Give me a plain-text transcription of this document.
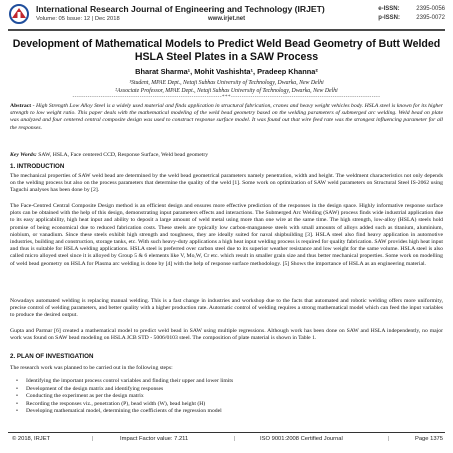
International Research Journal of Engineering and Technology (IRJET)
Volume: 05 Issue: 12 | Dec 2018	www.irjet.net
e-ISSN:	2395-0056
p-ISSN:	2395-0072
Development of Mathematical Models to Predict Weld Bead Geometry of Butt Welded HSLA Steel Plates in a SAW Process
Bharat Sharma¹, Mohit Vashishta¹, Pradeep Khanna²
¹Student, MPAE Dept., Netaji Subhas University of Technology, Dwarka, New Delhi
²Associate Professor, MPAE Dept., Netaji Subhas University of Technology, Dwarka, New Delhi
---------------------------------------------------------------------***---------------------------------------------------------------------
Abstract - High Strength Low Alloy Steel is a widely used material and finds application in structural fabrication, cranes and heavy weight vehicles body. HSLA steel is known for its higher strength to low weight ratio. This paper deals with the mathematical modeling of the weld bead geometry based on the welding parameters of submerged arc welding. Weld bead on plate was analyzed and four centered central composite design was used to construct response surface model. It was found out that wire feed rate was the strongest influencing parameter for all the responses.
Key Words: SAW, HSLA, Face centered CCD, Response Surface, Weld bead geometry
1. INTRODUCTION
The mechanical properties of SAW weld bead are determined by the weld bead geometrical parameters namely penetration, width and height. The weldment characteristics not only depends on the welding process but also on the process parameters that determine the quality of the weld [1]. Some work on optimization of SAW weld parameters on Structural Steel IS-2062 using Taguchi analyses has been done by [2].
The Face-Centred Central Composite Design method is an efficient design and ensures more effective prediction of the responses in the design space. Highly informative response surface plots can be obtained with the help of this design, demonstrating input parameters effects and interactions. The Submerged Arc Welding (SAW) process finds wide industrial application due to its easy applicability, high heat input and ability to deposit a large amount of weld metal using more than one wire at the same time. The high strength, low-alloy (HSLA) steels hold promise of being economical due to reduced fabrication costs. These steels are typically low carbon-manganese steels with small amounts of alloys added such as titanium, aluminium, niobium, or vanadium. Since these steels exhibit high strength and toughness, they are ideally suited for naval shipbuilding [3]. HSLA steel also find heavy application in automotive industries, building and construction, storage tanks, etc. With such heavy-duty applications a high heat input welding process is required for quality fabrication. SAW provides high heat input and thus is suitable for HSLA welding applications. HSLA steel is preferred over carbon steel due to its superior weather resistance and low weight for the same volume. HSLA steel is also called micro alloyed steel since it is alloyed by Group 5 & 6 elements like V, Mo,W, Cr etc. which result in smaller grain size and thus better mechanical properties. Some work on modelling of weld bead geometry on HSLA for Plasma arc welding is done by [4] with the help of response surface methodology. [5] Shows the importance of HSLA as an engineering material.
Nowadays automated welding is replacing manual welding. This is a fast change in industries and workshop due to the facts that automated and robotic welding offers more uniformity, precise control of welding parameters, and better quality with a higher production rate. Automatic control of welding requires a strong mathematical model which can feed the input variables to produce the desired output.
Gupta and Parmar [6] created a mathematical model to predict weld bead in SAW using multiple regressions. Although work has been done on SAW and HSLA independently, no major work was found on SAW bead modeling on HSLA JCB STD - 5006/0103 steel. The composition of plate material is shown in Table 1.
2. PLAN OF INVESTIGATION
The research work was planned to be carried out in the following steps:
• Identifying the important process control variables and finding their upper and lower limits
• Development of the design matrix and identifying responses
• Conducting the experiment as per the design matrix
• Recording the responses viz., penetration (P), bead width (W), bead height (H)
• Developing mathematical model, determining the coefficients of the regression model
© 2018, IRJET	|	Impact Factor value: 7.211	|	ISO 9001:2008 Certified Journal	|	Page 1375
